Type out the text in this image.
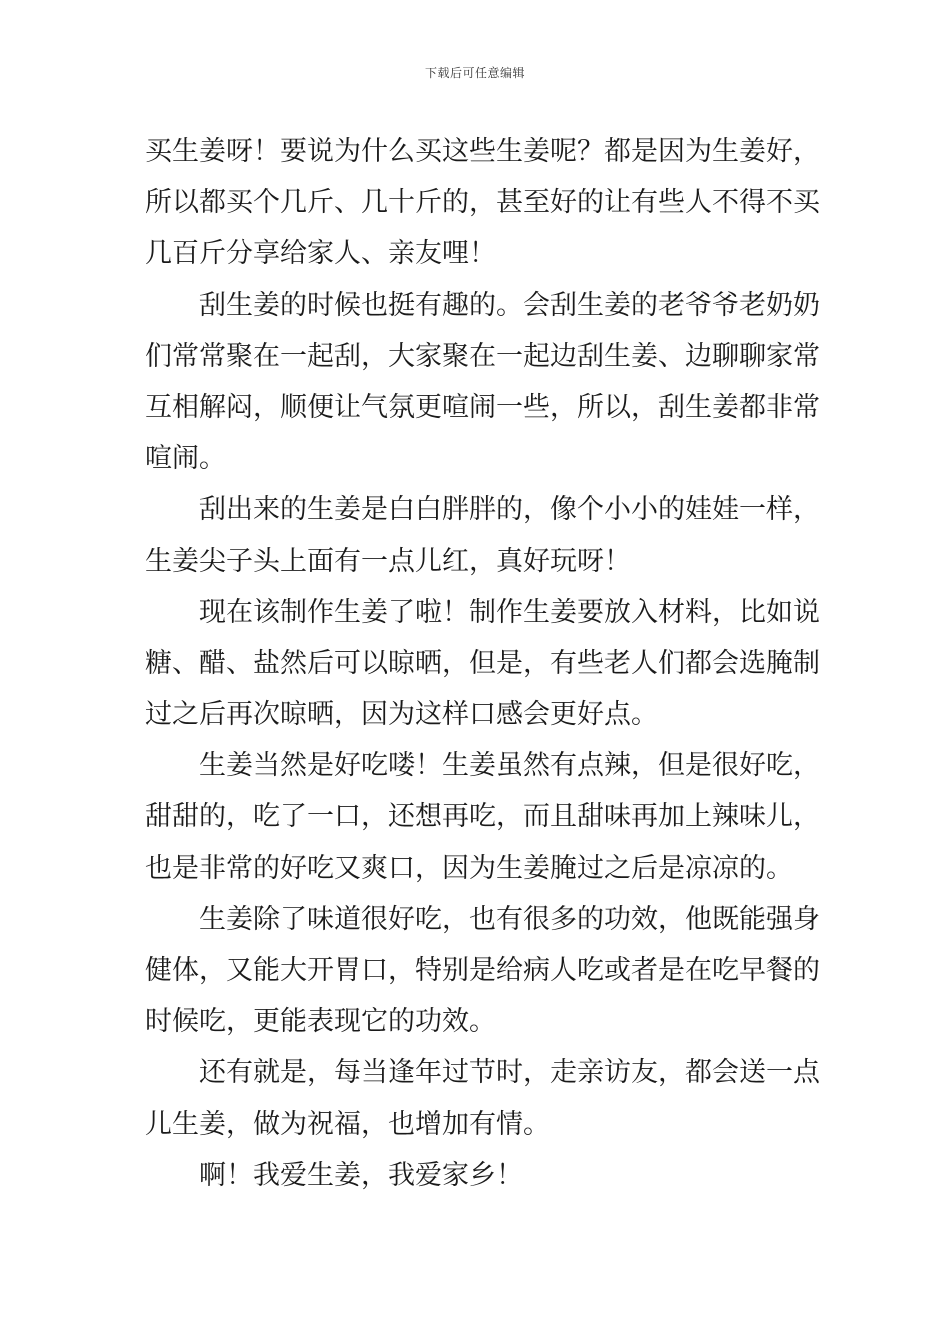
下载后可任意编辑
买生姜呀！要说为什么买这些生姜呢？都是因为生姜好，
所以都买个几斤、几十斤的，甚至好的让有些人不得不买
几百斤分享给家人、亲友哩！
刮生姜的时候也挺有趣的。会刮生姜的老爷爷老奶奶
们常常聚在一起刮，大家聚在一起边刮生姜、边聊聊家常
互相解闷，顺便让气氛更喧闹一些，所以，刮生姜都非常
喧闹。
刮出来的生姜是白白胖胖的，像个小小的娃娃一样，
生姜尖子头上面有一点儿红，真好玩呀！
现在该制作生姜了啦！制作生姜要放入材料，比如说
糖、醋、盐然后可以晾晒，但是，有些老人们都会选腌制
过之后再次晾晒，因为这样口感会更好点。
生姜当然是好吃喽！生姜虽然有点辣，但是很好吃，
甜甜的，吃了一口，还想再吃，而且甜味再加上辣味儿，
也是非常的好吃又爽口，因为生姜腌过之后是凉凉的。
生姜除了味道很好吃，也有很多的功效，他既能强身
健体，又能大开胃口，特别是给病人吃或者是在吃早餐的
时候吃，更能表现它的功效。
还有就是，每当逢年过节时，走亲访友，都会送一点
儿生姜，做为祝福，也增加有情。
啊！我爱生姜，我爱家乡！
